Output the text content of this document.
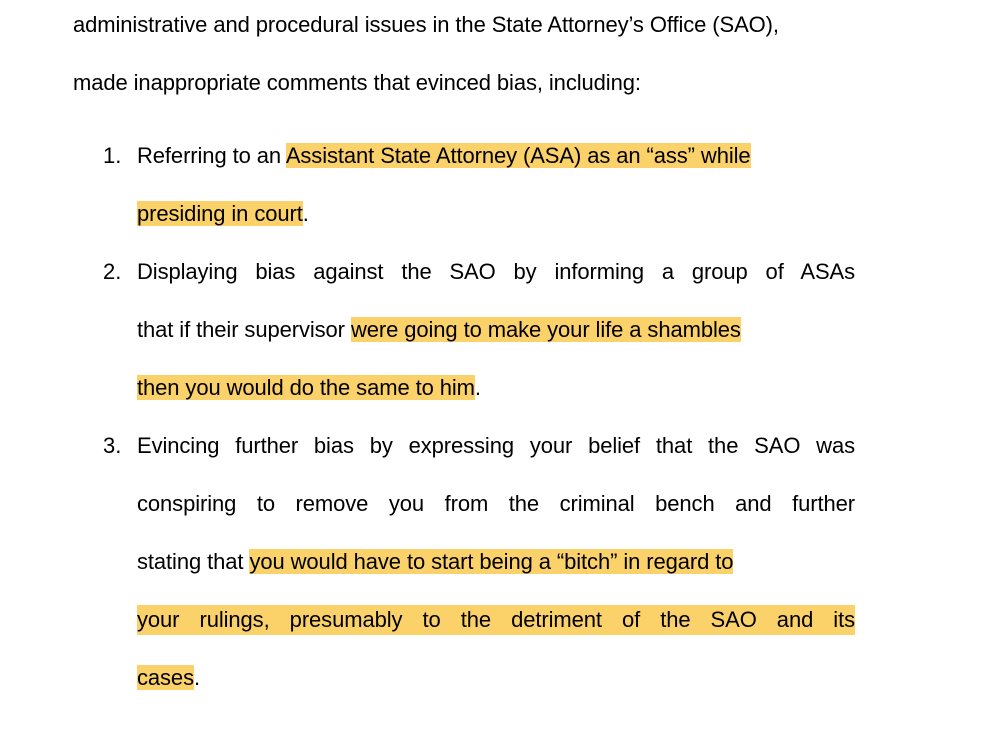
administrative and procedural issues in the State Attorney’s Office (SAO),
made inappropriate comments that evinced bias, including:
1. Referring to an Assistant State Attorney (ASA) as an “ass” while
presiding in court.
2. Displaying bias against the SAO by informing a group of ASAs
that if their supervisor were going to make your life a shambles
then you would do the same to him.
3. Evincing further bias by expressing your belief that the SAO was
conspiring to remove you from the criminal bench and further
stating that you would have to start being a “bitch” in regard to
your rulings, presumably to the detriment of the SAO and its
cases.
